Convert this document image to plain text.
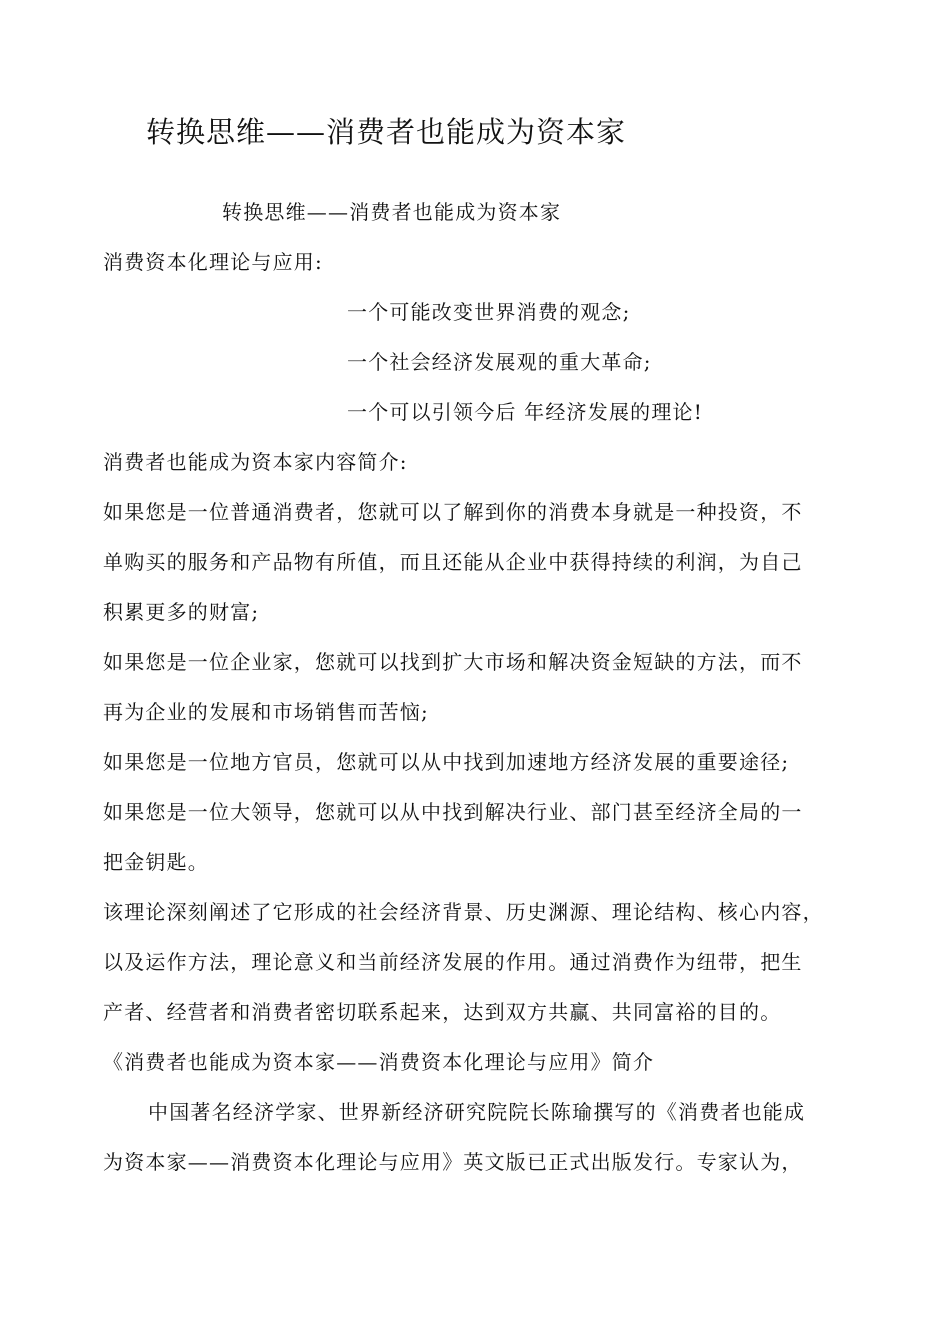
转换思维——消费者也能成为资本家
转换思维——消费者也能成为资本家
消费资本化理论与应用:
一个可能改变世界消费的观念;
一个社会经济发展观的重大革命;
一个可以引领今后 年经济发展的理论!
消费者也能成为资本家内容简介:
如果您是一位普通消费者，您就可以了解到你的消费本身就是一种投资，不
单购买的服务和产品物有所值，而且还能从企业中获得持续的利润，为自己
积累更多的财富;
如果您是一位企业家，您就可以找到扩大市场和解决资金短缺的方法，而不
再为企业的发展和市场销售而苦恼;
如果您是一位地方官员，您就可以从中找到加速地方经济发展的重要途径;
如果您是一位大领导，您就可以从中找到解决行业、部门甚至经济全局的一
把金钥匙。
该理论深刻阐述了它形成的社会经济背景、历史渊源、理论结构、核心内容，
以及运作方法，理论意义和当前经济发展的作用。通过消费作为纽带，把生
产者、经营者和消费者密切联系起来，达到双方共赢、共同富裕的目的。
《消费者也能成为资本家——消费资本化理论与应用》简介
中国著名经济学家、世界新经济研究院院长陈瑜撰写的《消费者也能成
为资本家——消费资本化理论与应用》英文版已正式出版发行。专家认为，
